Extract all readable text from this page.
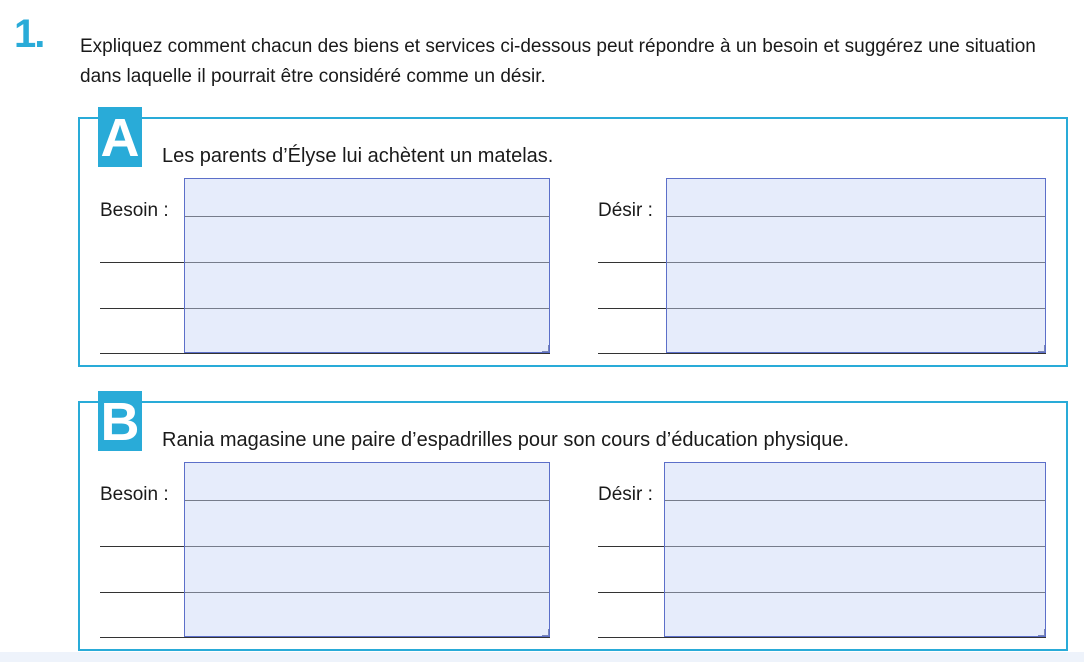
1. Expliquez comment chacun des biens et services ci-dessous peut répondre à un besoin et suggérez une situation dans laquelle il pourrait être considéré comme un désir.
A Les parents d’Élyse lui achètent un matelas.
Besoin :	Désir :
B Rania magasine une paire d’espadrilles pour son cours d’éducation physique.
Besoin :	Désir :
